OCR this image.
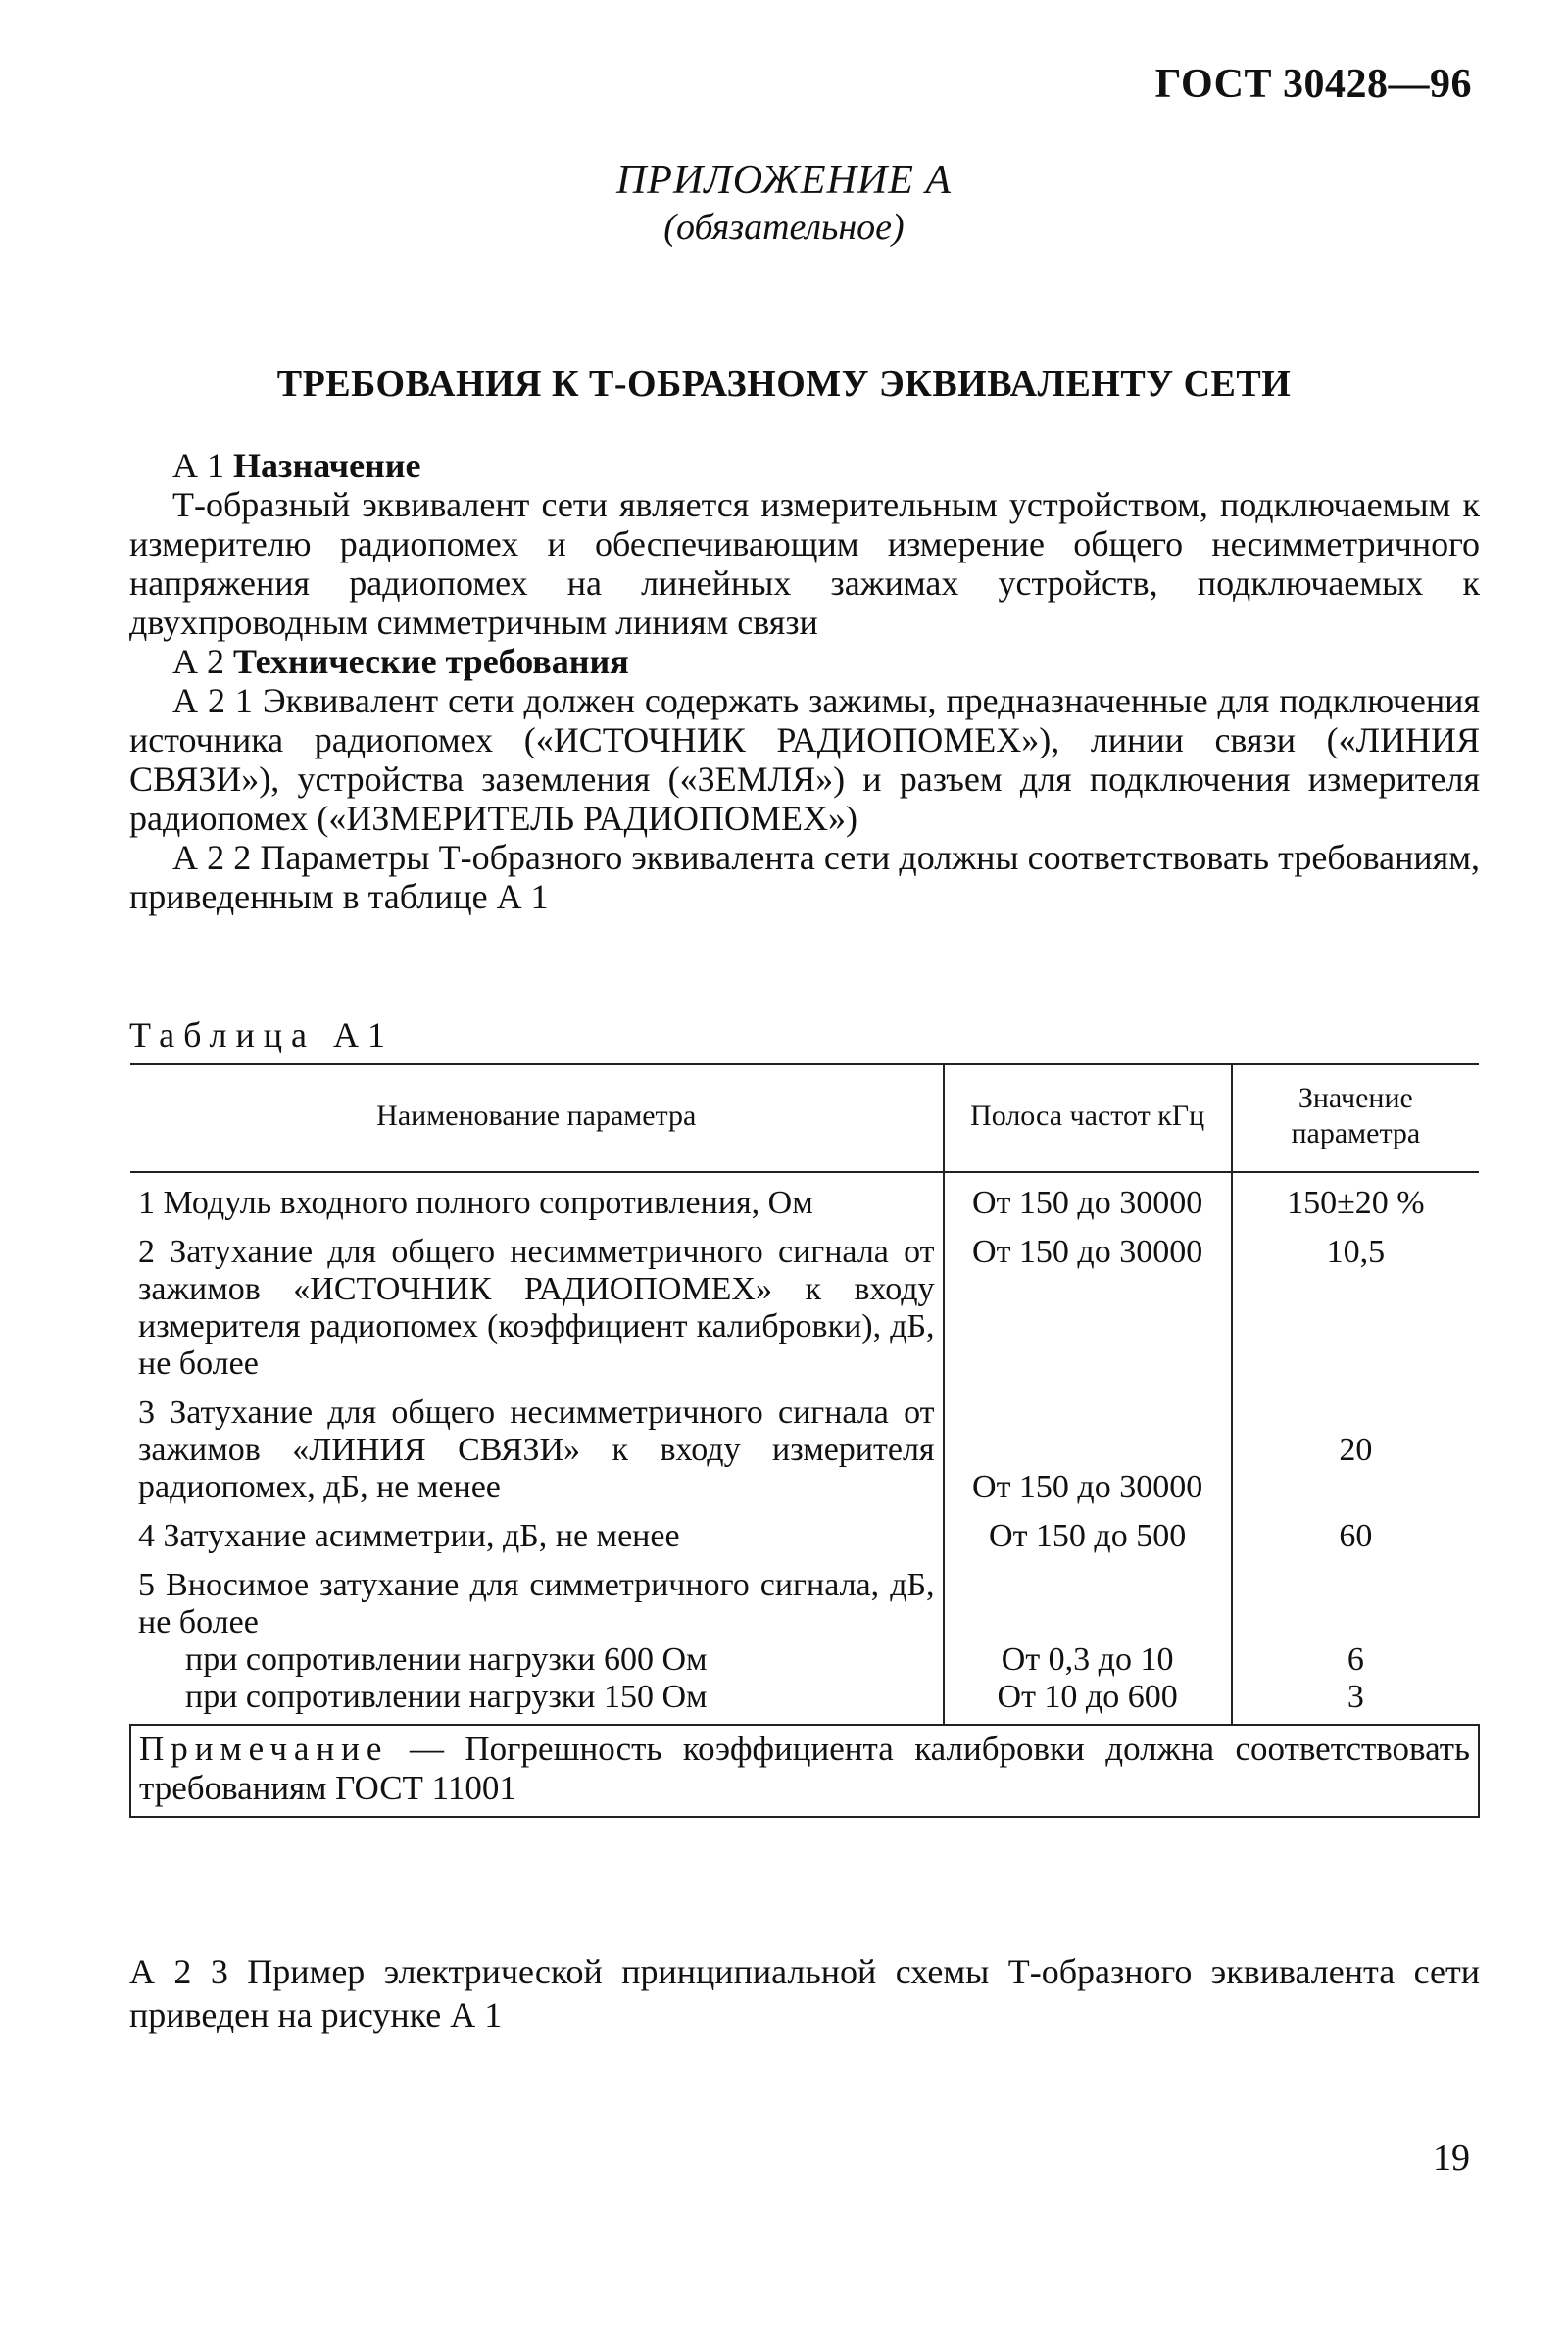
ГОСТ 30428—96
ПРИЛОЖЕНИЕ А
(обязательное)
ТРЕБОВАНИЯ К Т-ОБРАЗНОМУ ЭКВИВАЛЕНТУ СЕТИ

А 1 Назначение

Т-образный эквивалент сети является измерительным устройством, подключаемым к измерителю радиопомех и обеспечивающим измерение общего несимметричного напряжения радиопомех на линейных зажимах устройств, подключаемых к двухпроводным симметричным линиям связи

А 2 Технические требования

А 2 1 Эквивалент сети должен содержать зажимы, предназначенные для подключения источника радиопомех («ИСТОЧНИК РАДИОПОМЕХ»), линии связи («ЛИНИЯ СВЯЗИ»), устройства заземления («ЗЕМЛЯ») и разъем для подключения измерителя радиопомех («ИЗМЕРИТЕЛЬ РАДИОПОМЕХ»)

А 2 2 Параметры Т-образного эквивалента сети должны соответствовать требованиям, приведенным в таблице А 1

Таблица А1
Наименование параметра	Полоса частот кГц	Значение параметра
1 Модуль входного полного сопротивления, Ом	От 150 до 30000	150±20 %
2 Затухание для общего несимметричного сигнала от зажимов «ИСТОЧНИК РАДИОПОМЕХ» к входу измерителя радиопомех (коэффициент калибровки), дБ, не более	От 150 до 30000	10,5
3 Затухание для общего несимметричного сигнала от зажимов «ЛИНИЯ СВЯЗИ» к входу измерителя радиопомех, дБ, не менее	От 150 до 30000	20
4 Затухание асимметрии, дБ, не менее	От 150 до 500	60
5 Вносимое затухание для симметричного сигнала, дБ, не более		

при сопротивлении нагрузки 600 Ом	От 0,3 до 10	6

при сопротивлении нагрузки 150 Ом	От 10 до 600	3
Примечание — Погрешность коэффициента калибровки должна соответствовать требованиям ГОСТ 11001		
А 2 3 Пример электрической принципиальной схемы Т-образного эквивалента сети приведен на рисунке А 1
19
